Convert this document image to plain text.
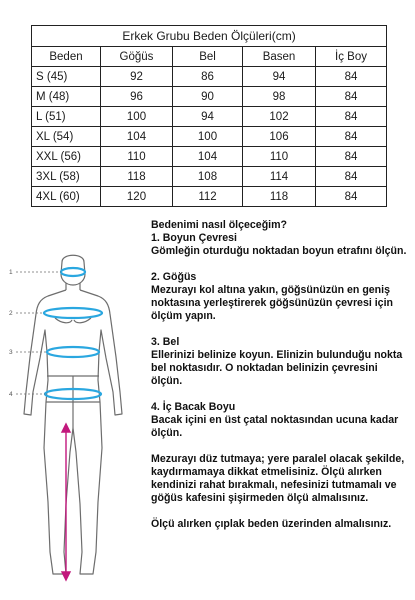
Erkek Grubu Beden Ölçüleri(cm)				
Beden	Göğüs	Bel	Basen	İç Boy
S (45)	92	86	94	84
M (48)	96	90	98	84
L (51)	100	94	102	84
XL (54)	104	100	106	84
XXL (56)	110	104	110	84
3XL (58)	118	108	114	84
4XL (60)	120	112	118	84
1
2
3
4

Bedenimi nasıl ölçeceğim?

1. Boyun Çevresi

Gömleğin oturduğu noktadan boyun etrafını ölçün.

2. Göğüs

Mezurayı kol altına yakın, göğsünüzün en geniş noktasına yerleştirerek göğsünüzün çevresi için ölçüm yapın.

3. Bel

Ellerinizi belinize koyun. Elinizin bulunduğu nokta bel noktasıdır. O noktadan belinizin çevresini ölçün.

4. İç Bacak Boyu

Bacak içini en üst çatal noktasından ucuna kadar ölçün.

Mezurayı düz tutmaya; yere paralel olacak şekilde, kaydırmamaya dikkat etmelisiniz. Ölçü alırken kendinizi rahat bırakmalı, nefesinizi tutmamalı ve göğüs kafesini şişirmeden ölçü almalısınız.

Ölçü alırken çıplak beden üzerinden almalısınız.
